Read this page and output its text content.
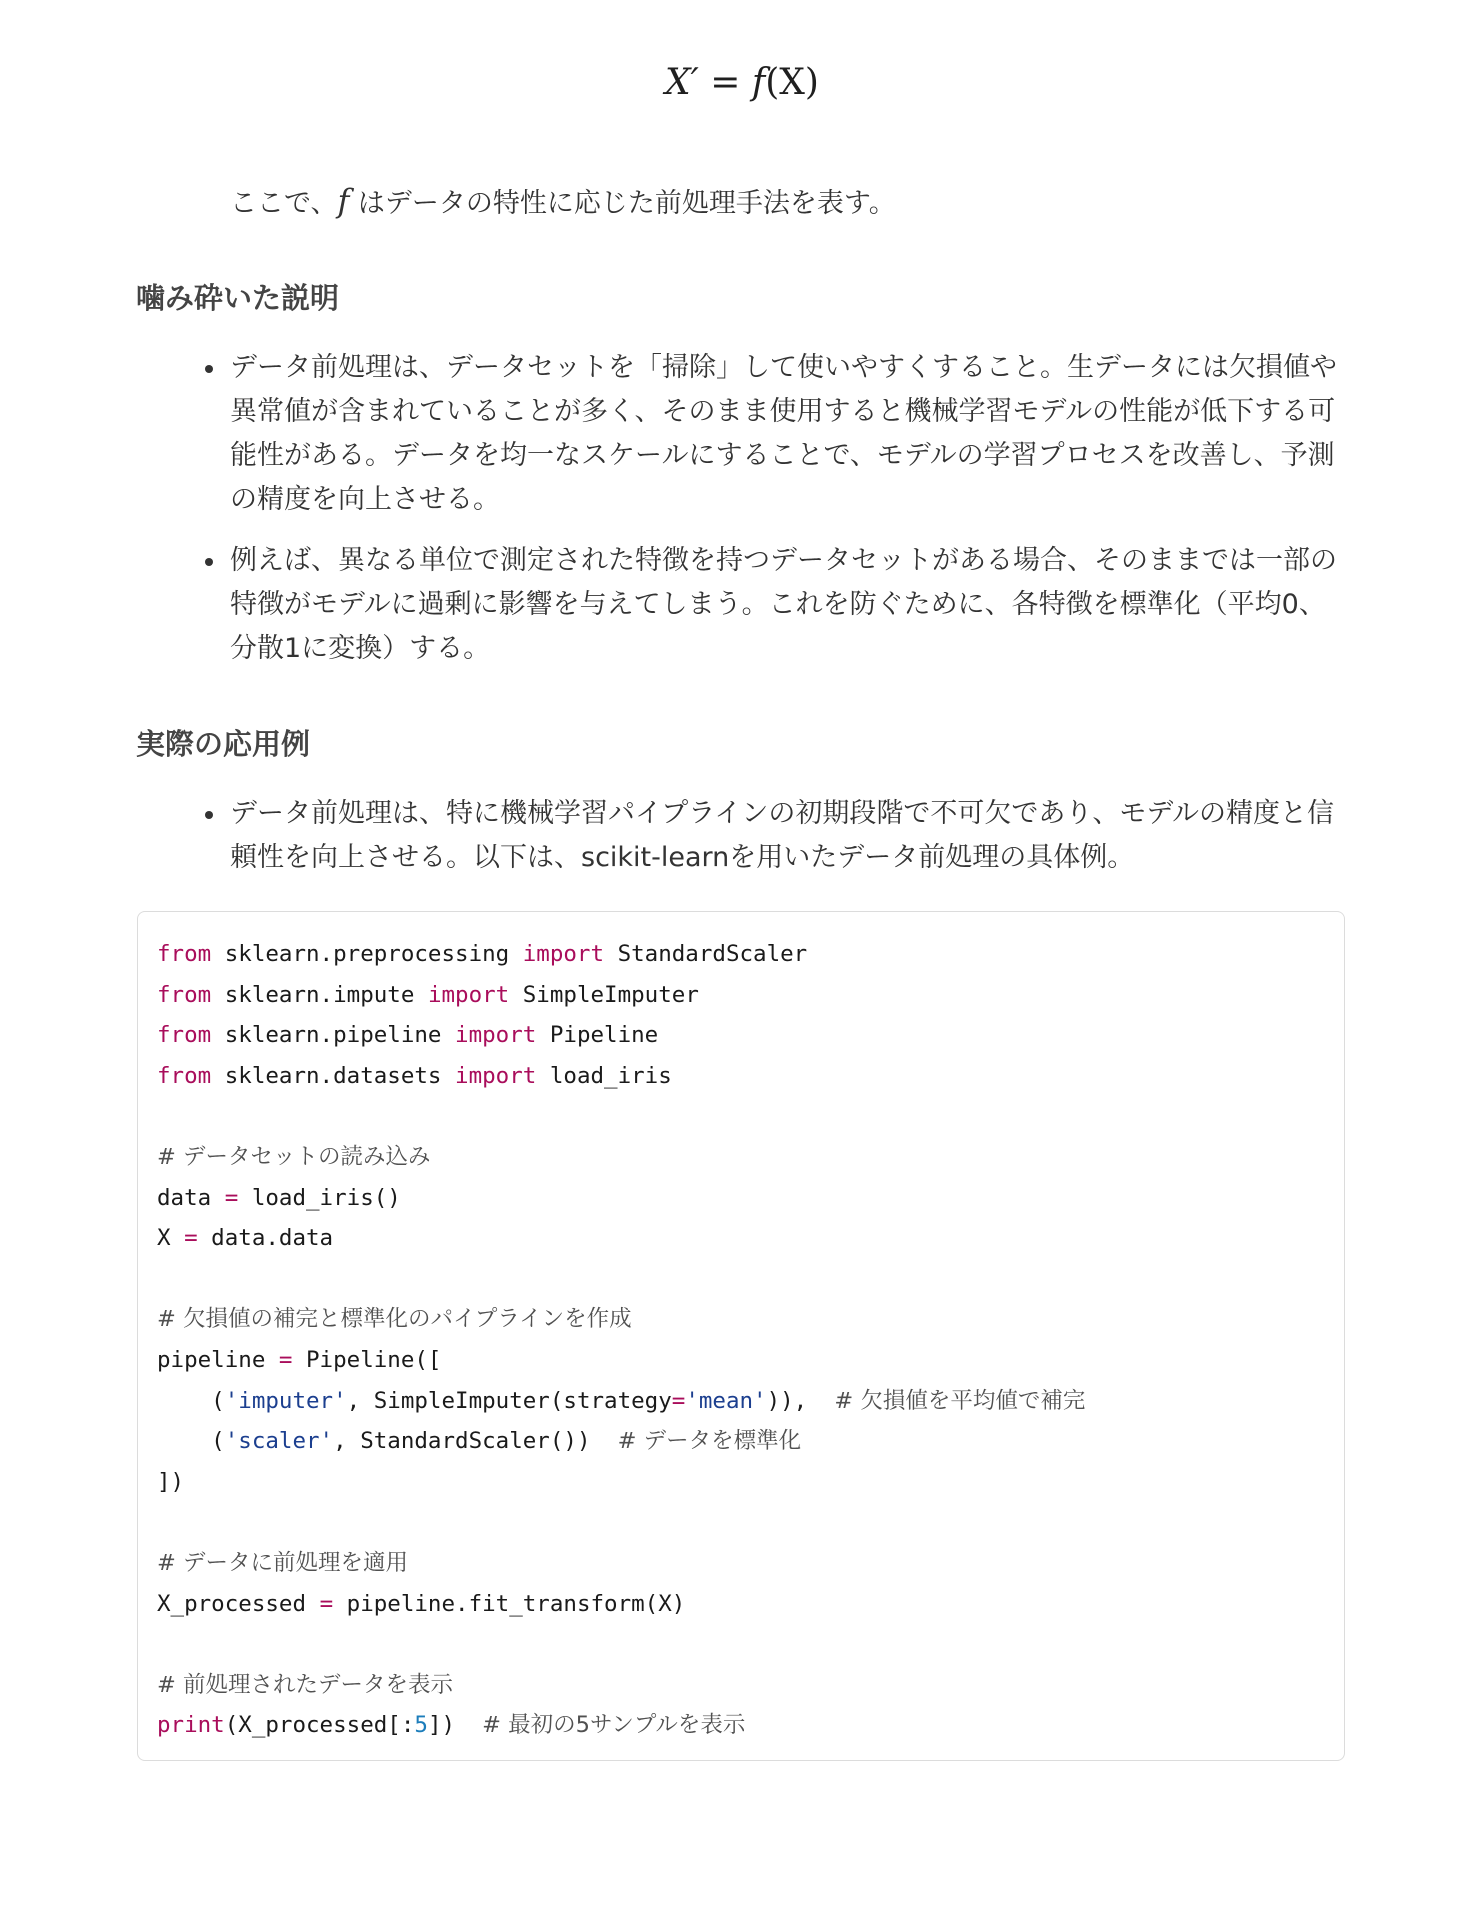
X′ = f(X)
ここで、f はデータの特性に応じた前処理手法を表す。
噛み砕いた説明
データ前処理は、データセットを「掃除」して使いやすくすること。生データには欠損値や異常値が含まれていることが多く、そのまま使用すると機械学習モデルの性能が低下する可能性がある。データを均一なスケールにすることで、モデルの学習プロセスを改善し、予測の精度を向上させる。
例えば、異なる単位で測定された特徴を持つデータセットがある場合、そのままでは一部の特徴がモデルに過剰に影響を与えてしまう。これを防ぐために、各特徴を標準化（平均0、分散1に変換）する。
実際の応用例
データ前処理は、特に機械学習パイプラインの初期段階で不可欠であり、モデルの精度と信頼性を向上させる。以下は、scikit-learnを用いたデータ前処理の具体例。
from sklearn.preprocessing import StandardScaler
from sklearn.impute import SimpleImputer
from sklearn.pipeline import Pipeline
from sklearn.datasets import load_iris

# データセットの読み込み
data = load_iris()
X = data.data

# 欠損値の補完と標準化のパイプラインを作成
pipeline = Pipeline([
('imputer', SimpleImputer(strategy='mean')),  # 欠損値を平均値で補完
('scaler', StandardScaler())  # データを標準化
])

# データに前処理を適用
X_processed = pipeline.fit_transform(X)

# 前処理されたデータを表示
print(X_processed[:5])  # 最初の5サンプルを表示
